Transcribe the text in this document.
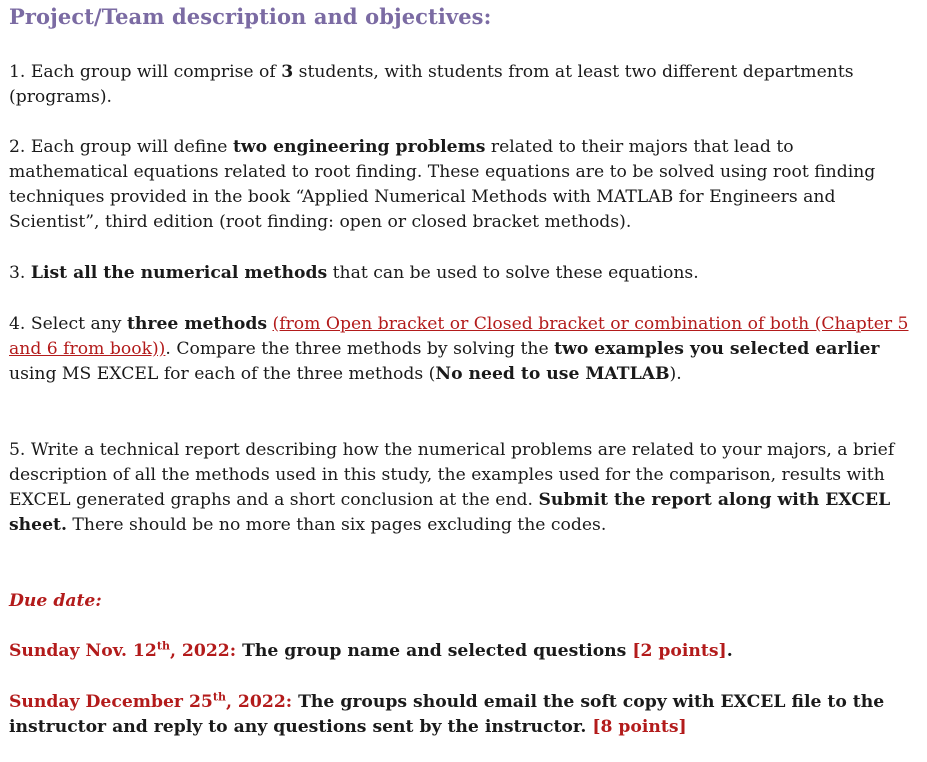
Project/Team description and objectives:

1. Each group will comprise of 3 students, with students from at least two different departments (programs).

2. Each group will define two engineering problems related to their majors that lead to mathematical equations related to root finding. These equations are to be solved using root finding techniques provided in the book “Applied Numerical Methods with MATLAB for Engineers and Scientist”, third edition (root finding: open or closed bracket methods).

3. List all the numerical methods that can be used to solve these equations.

4. Select any three methods (from Open bracket or Closed bracket or combination of both (Chapter 5 and 6 from book)). Compare the three methods by solving the two examples you selected earlier using MS EXCEL for each of the three methods (No need to use MATLAB).

5. Write a technical report describing how the numerical problems are related to your majors, a brief description of all the methods used in this study, the examples used for the comparison, results with EXCEL generated graphs and a short conclusion at the end. Submit the report along with EXCEL sheet. There should be no more than six pages excluding the codes.

Due date:

Sunday Nov. 12th, 2022: The group name and selected questions [2 points].

Sunday December 25th, 2022: The groups should email the soft copy with EXCEL file to the instructor and reply to any questions sent by the instructor. [8 points]
